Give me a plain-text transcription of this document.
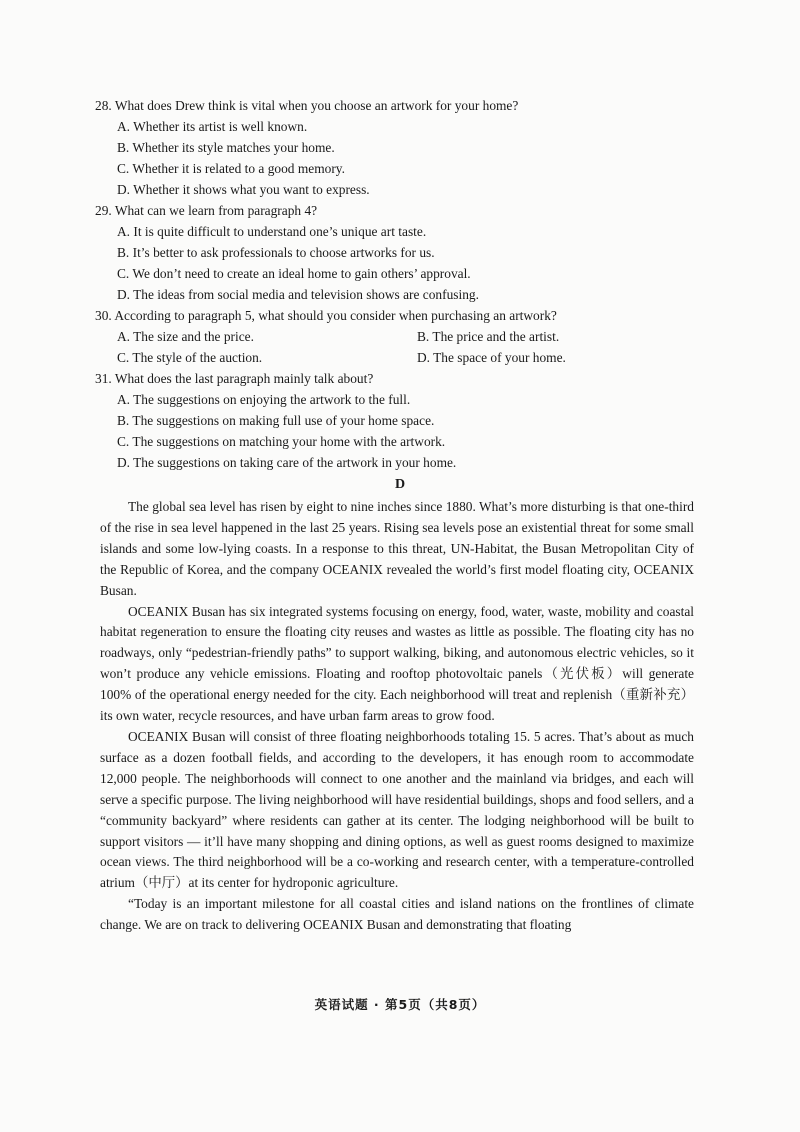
28. What does Drew think is vital when you choose an artwork for your home?
A. Whether its artist is well known.
B. Whether its style matches your home.
C. Whether it is related to a good memory.
D. Whether it shows what you want to express.
29. What can we learn from paragraph 4?
A. It is quite difficult to understand one’s unique art taste.
B. It’s better to ask professionals to choose artworks for us.
C. We don’t need to create an ideal home to gain others’ approval.
D. The ideas from social media and television shows are confusing.
30. According to paragraph 5, what should you consider when purchasing an artwork?
A. The size and the price.	B. The price and the artist.
C. The style of the auction.	D. The space of your home.
31. What does the last paragraph mainly talk about?
A. The suggestions on enjoying the artwork to the full.
B. The suggestions on making full use of your home space.
C. The suggestions on matching your home with the artwork.
D. The suggestions on taking care of the artwork in your home.
D

The global sea level has risen by eight to nine inches since 1880. What’s more disturbing is that one-third of the rise in sea level happened in the last 25 years. Rising sea levels pose an existential threat for some small islands and some low-lying coasts. In a response to this threat, UN-Habitat, the Busan Metropolitan City of the Republic of Korea, and the company OCEANIX revealed the world’s first model floating city, OCEANIX Busan.

OCEANIX Busan has six integrated systems focusing on energy, food, water, waste, mobility and coastal habitat regeneration to ensure the floating city reuses and wastes as little as possible. The floating city has no roadways, only “pedestrian-friendly paths” to support walking, biking, and autonomous electric vehicles, so it won’t produce any vehicle emissions. Floating and rooftop photovoltaic panels（光伏板）will generate 100% of the operational energy needed for the city. Each neighborhood will treat and replenish（重新补充）its own water, recycle resources, and have urban farm areas to grow food.

OCEANIX Busan will consist of three floating neighborhoods totaling 15. 5 acres. That’s about as much surface as a dozen football fields, and according to the developers, it has enough room to accommodate 12,000 people. The neighborhoods will connect to one another and the mainland via bridges, and each will serve a specific purpose. The living neighborhood will have residential buildings, shops and food sellers, and a “community backyard” where residents can gather at its center. The lodging neighborhood will be built to support visitors — it’ll have many shopping and dining options, as well as guest rooms designed to maximize ocean views. The third neighborhood will be a co-working and research center, with a temperature-controlled atrium（中厅）at its center for hydroponic agriculture.

“Today is an important milestone for all coastal cities and island nations on the frontlines of climate change. We are on track to delivering OCEANIX Busan and demonstrating that floating

英语试题 · 第5页（共8页）
